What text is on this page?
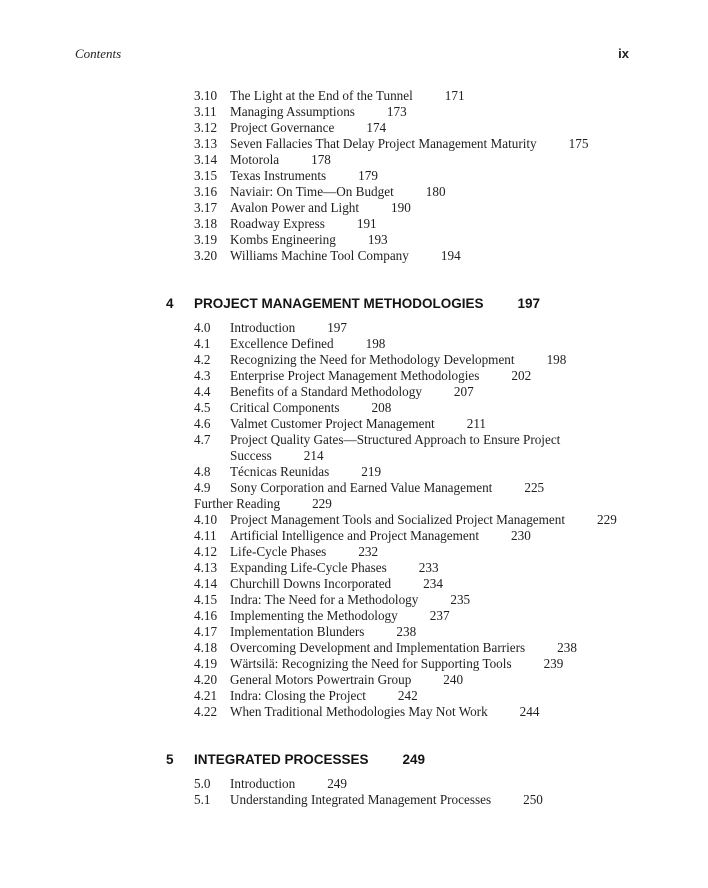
Contents	ix
3.10 The Light at the End of the Tunnel 171
3.11	Managing Assumptions 173
3.12 Project Governance 174
3.13 Seven Fallacies That Delay Project Management Maturity 175
3.14 Motorola 178
3.15 Texas Instruments 179
3.16 Naviair: On Time—On Budget 180
3.17 Avalon Power and Light 190
3.18 Roadway Express 191
3.19 Kombs Engineering 193
3.20 Williams Machine Tool Company 194
4	PROJECT MANAGEMENT METHODOLOGIES	197
4.0	Introduction 197
4.1	Excellence Defined 198
4.2	Recognizing the Need for Methodology Development 198
4.3	Enterprise Project Management Methodologies 202
4.4	Benefits of a Standard Methodology 207
4.5	Critical Components 208
4.6	Valmet Customer Project Management 211
4.7	Project Quality Gates—Structured Approach to Ensure Project
Success 214
4.8	Técnicas Reunidas 219
4.9	Sony Corporation and Earned Value Management 225
Further Reading 229
4.10 Project Management Tools and Socialized Project Management 229
4.11	Artificial Intelligence and Project Management 230
4.12 Life-Cycle Phases 232
4.13 Expanding Life-Cycle Phases 233
4.14 Churchill Downs Incorporated 234
4.15 Indra: The Need for a Methodology 235
4.16 Implementing the Methodology 237
4.17 Implementation Blunders 238
4.18 Overcoming Development and Implementation Barriers 238
4.19 Wärtsilä: Recognizing the Need for Supporting Tools 239
4.20 General Motors Powertrain Group 240
4.21 Indra: Closing the Project 242
4.22 When Traditional Methodologies May Not Work 244
5	INTEGRATED PROCESSES	249
5.0	Introduction 249
5.1	Understanding Integrated Management Processes 250
